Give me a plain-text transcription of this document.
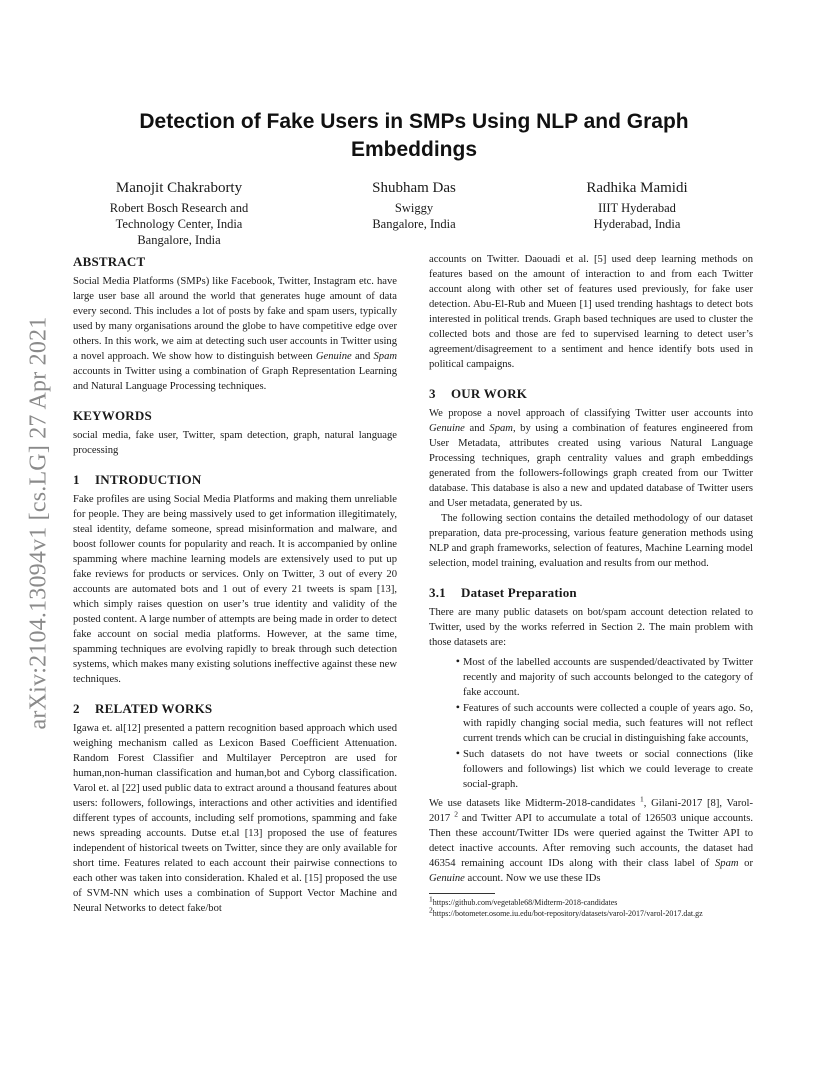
arXiv:2104.13094v1 [cs.LG] 27 Apr 2021
Detection of Fake Users in SMPs Using NLP and Graph Embeddings
Manojit Chakraborty
Robert Bosch Research and
Technology Center, India
Bangalore, India
Shubham Das
Swiggy
Bangalore, India
Radhika Mamidi
IIIT Hyderabad
Hyderabad, India
ABSTRACT

Social Media Platforms (SMPs) like Facebook, Twitter, Instagram etc. have large user base all around the world that generates huge amount of data every second. This includes a lot of posts by fake and spam users, typically used by many organisations around the globe to have competitive edge over others. In this work, we aim at detecting such user accounts in Twitter using a novel approach. We show how to distinguish between Genuine and Spam accounts in Twitter using a combination of Graph Representation Learning and Natural Language Processing techniques.

KEYWORDS

social media, fake user, Twitter, spam detection, graph, natural language processing

1 INTRODUCTION

Fake profiles are using Social Media Platforms and making them unreliable for people. They are being massively used to get information illegitimately, steal identity, defame someone, spread misinformation and malware, and boost follower counts for popularity and reach. It is accompanied by online spamming where machine learning models are extensively used to put up fake reviews for products or services. Only on Twitter, 3 out of every 20 accounts are automated bots and 1 out of every 21 tweets is spam [13], which simply raises question on user’s true identity and validity of the posted content. A large number of attempts are being made in order to detect fake account on social media platforms. However, at the same time, spamming techniques are evolving rapidly to break through such detection systems, which makes many existing solutions ineffective against these new techniques.

2 RELATED WORKS

Igawa et. al[12] presented a pattern recognition based approach which used weighing mechanism called as Lexicon Based Coefficient Attenuation. Random Forest Classifier and Multilayer Perceptron are used for human,non-human classification and human,bot and Cyborg classification. Varol et. al [22] used public data to extract around a thousand features about users: followers, followings, interactions and other activities and identified different types of accounts, including self promotions, spamming and fake news spreading accounts. Dutse et.al [13] proposed the use of features independent of historical tweets on Twitter, since they are only available for short time. Features related to each account their pairwise connections to each other was taken into consideration. Khaled et al. [15] proposed the use of SVM-NN which uses a combination of Support Vector Machine and Neural Networks to detect fake/bot

accounts on Twitter. Daouadi et al. [5] used deep learning methods on features based on the amount of interaction to and from each Twitter account along with other set of features used previously, for fake user detection. Abu-El-Rub and Mueen [1] used trending hashtags to detect bots interested in political trends. Graph based techniques are used to cluster the collected bots and those are fed to supervised learning to detect user’s agreement/disagreement to a sentiment and hence identify bots used in political campaigns.

3 OUR WORK

We propose a novel approach of classifying Twitter user accounts into Genuine and Spam, by using a combination of features engineered from User Metadata, attributes created using various Natural Language Processing techniques, graph centrality values and graph embeddings generated from the followers-followings graph created from our Twitter database. This database is also a new and updated database of Twitter users and User metadata, generated by us.

The following section contains the detailed methodology of our dataset preparation, data pre-processing, various feature generation methods using NLP and graph frameworks, selection of features, Machine Learning model selection, model training, evaluation and results from our method.

3.1 Dataset Preparation

There are many public datasets on bot/spam account detection related to Twitter, used by the works referred in Section 2. The main problem with those datasets are:

• Most of the labelled accounts are suspended/deactivated by Twitter recently and majority of such accounts belonged to the category of fake account.
• Features of such accounts were collected a couple of years ago. So, with rapidly changing social media, such features will not reflect current trends which can be crucial in distinguishing fake accounts,
• Such datasets do not have tweets or social connections (like followers and followings) list which we could leverage to create social-graph.

We use datasets like Midterm-2018-candidates $^1$, Gilani-2017 [8], Varol-2017 $^2$ and Twitter API to accumulate a total of 126503 unique accounts. Then these account/Twitter IDs were queried against the Twitter API to detect inactive accounts. After removing such accounts, the dataset had 46354 remaining account IDs along with their class label of Spam or Genuine account. Now we use these IDs

$^1$https://github.com/vegetable68/Midterm-2018-candidates
$^2$https://botometer.osome.iu.edu/bot-repository/datasets/varol-2017/varol-2017.dat.gz
